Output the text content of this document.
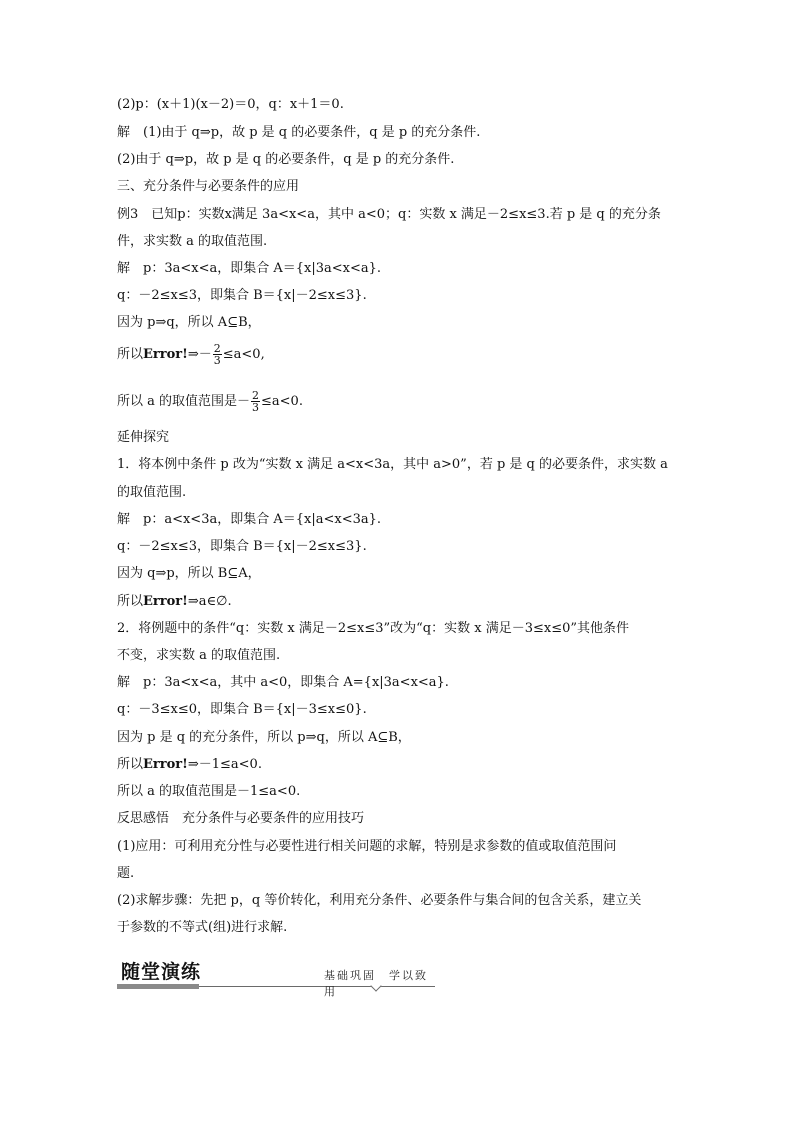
(2)p：(x＋1)(x－2)＝0，q：x＋1＝0.
解　(1)由于 q⇒p，故 p 是 q 的必要条件，q 是 p 的充分条件.
(2)由于 q⇒p，故 p 是 q 的必要条件，q 是 p 的充分条件.
三、充分条件与必要条件的应用
例3　已知p：实数x满足 3a<x<a，其中 a<0；q：实数 x 满足－2≤x≤3.若 p 是 q 的充分条
件，求实数 a 的取值范围.
解　p：3a<x<a，即集合 A＝{x|3a<x<a}.
q：－2≤x≤3，即集合 B＝{x|－2≤x≤3}.
因为 p⇒q，所以 A⊆B，
所以Error!⇒－ $\frac{2}{3} \le a<0$,
所以 a 的取值范围是－ $\frac{2}{3} \le a<0$.
延伸探究
1．将本例中条件 p 改为“实数 x 满足 a<x<3a，其中 a>0”，若 p 是 q 的必要条件，求实数 a
的取值范围.
解　p：a<x<3a，即集合 A＝{x|a<x<3a}.
q：－2≤x≤3，即集合 B＝{x|－2≤x≤3}.
因为 q⇒p，所以 B⊆A，
所以Error!⇒a∈∅.
2．将例题中的条件“q：实数 x 满足－2≤x≤3”改为“q：实数 x 满足－3≤x≤0”其他条件
不变，求实数 a 的取值范围.
解　p：3a<x<a，其中 a<0，即集合 A={x|3a<x<a}.
q：－3≤x≤0，即集合 B＝{x|－3≤x≤0}.
因为 p 是 q 的充分条件，所以 p⇒q，所以 A⊆B，
所以Error!⇒－1≤a<0.
所以 a 的取值范围是－1≤a<0.
反思感悟　充分条件与必要条件的应用技巧
(1)应用：可利用充分性与必要性进行相关问题的求解，特别是求参数的值或取值范围问
题.
(2)求解步骤：先把 p，q 等价转化，利用充分条件、必要条件与集合间的包含关系，建立关
于参数的不等式(组)进行求解.
随堂演练	基础巩固　学以致用
